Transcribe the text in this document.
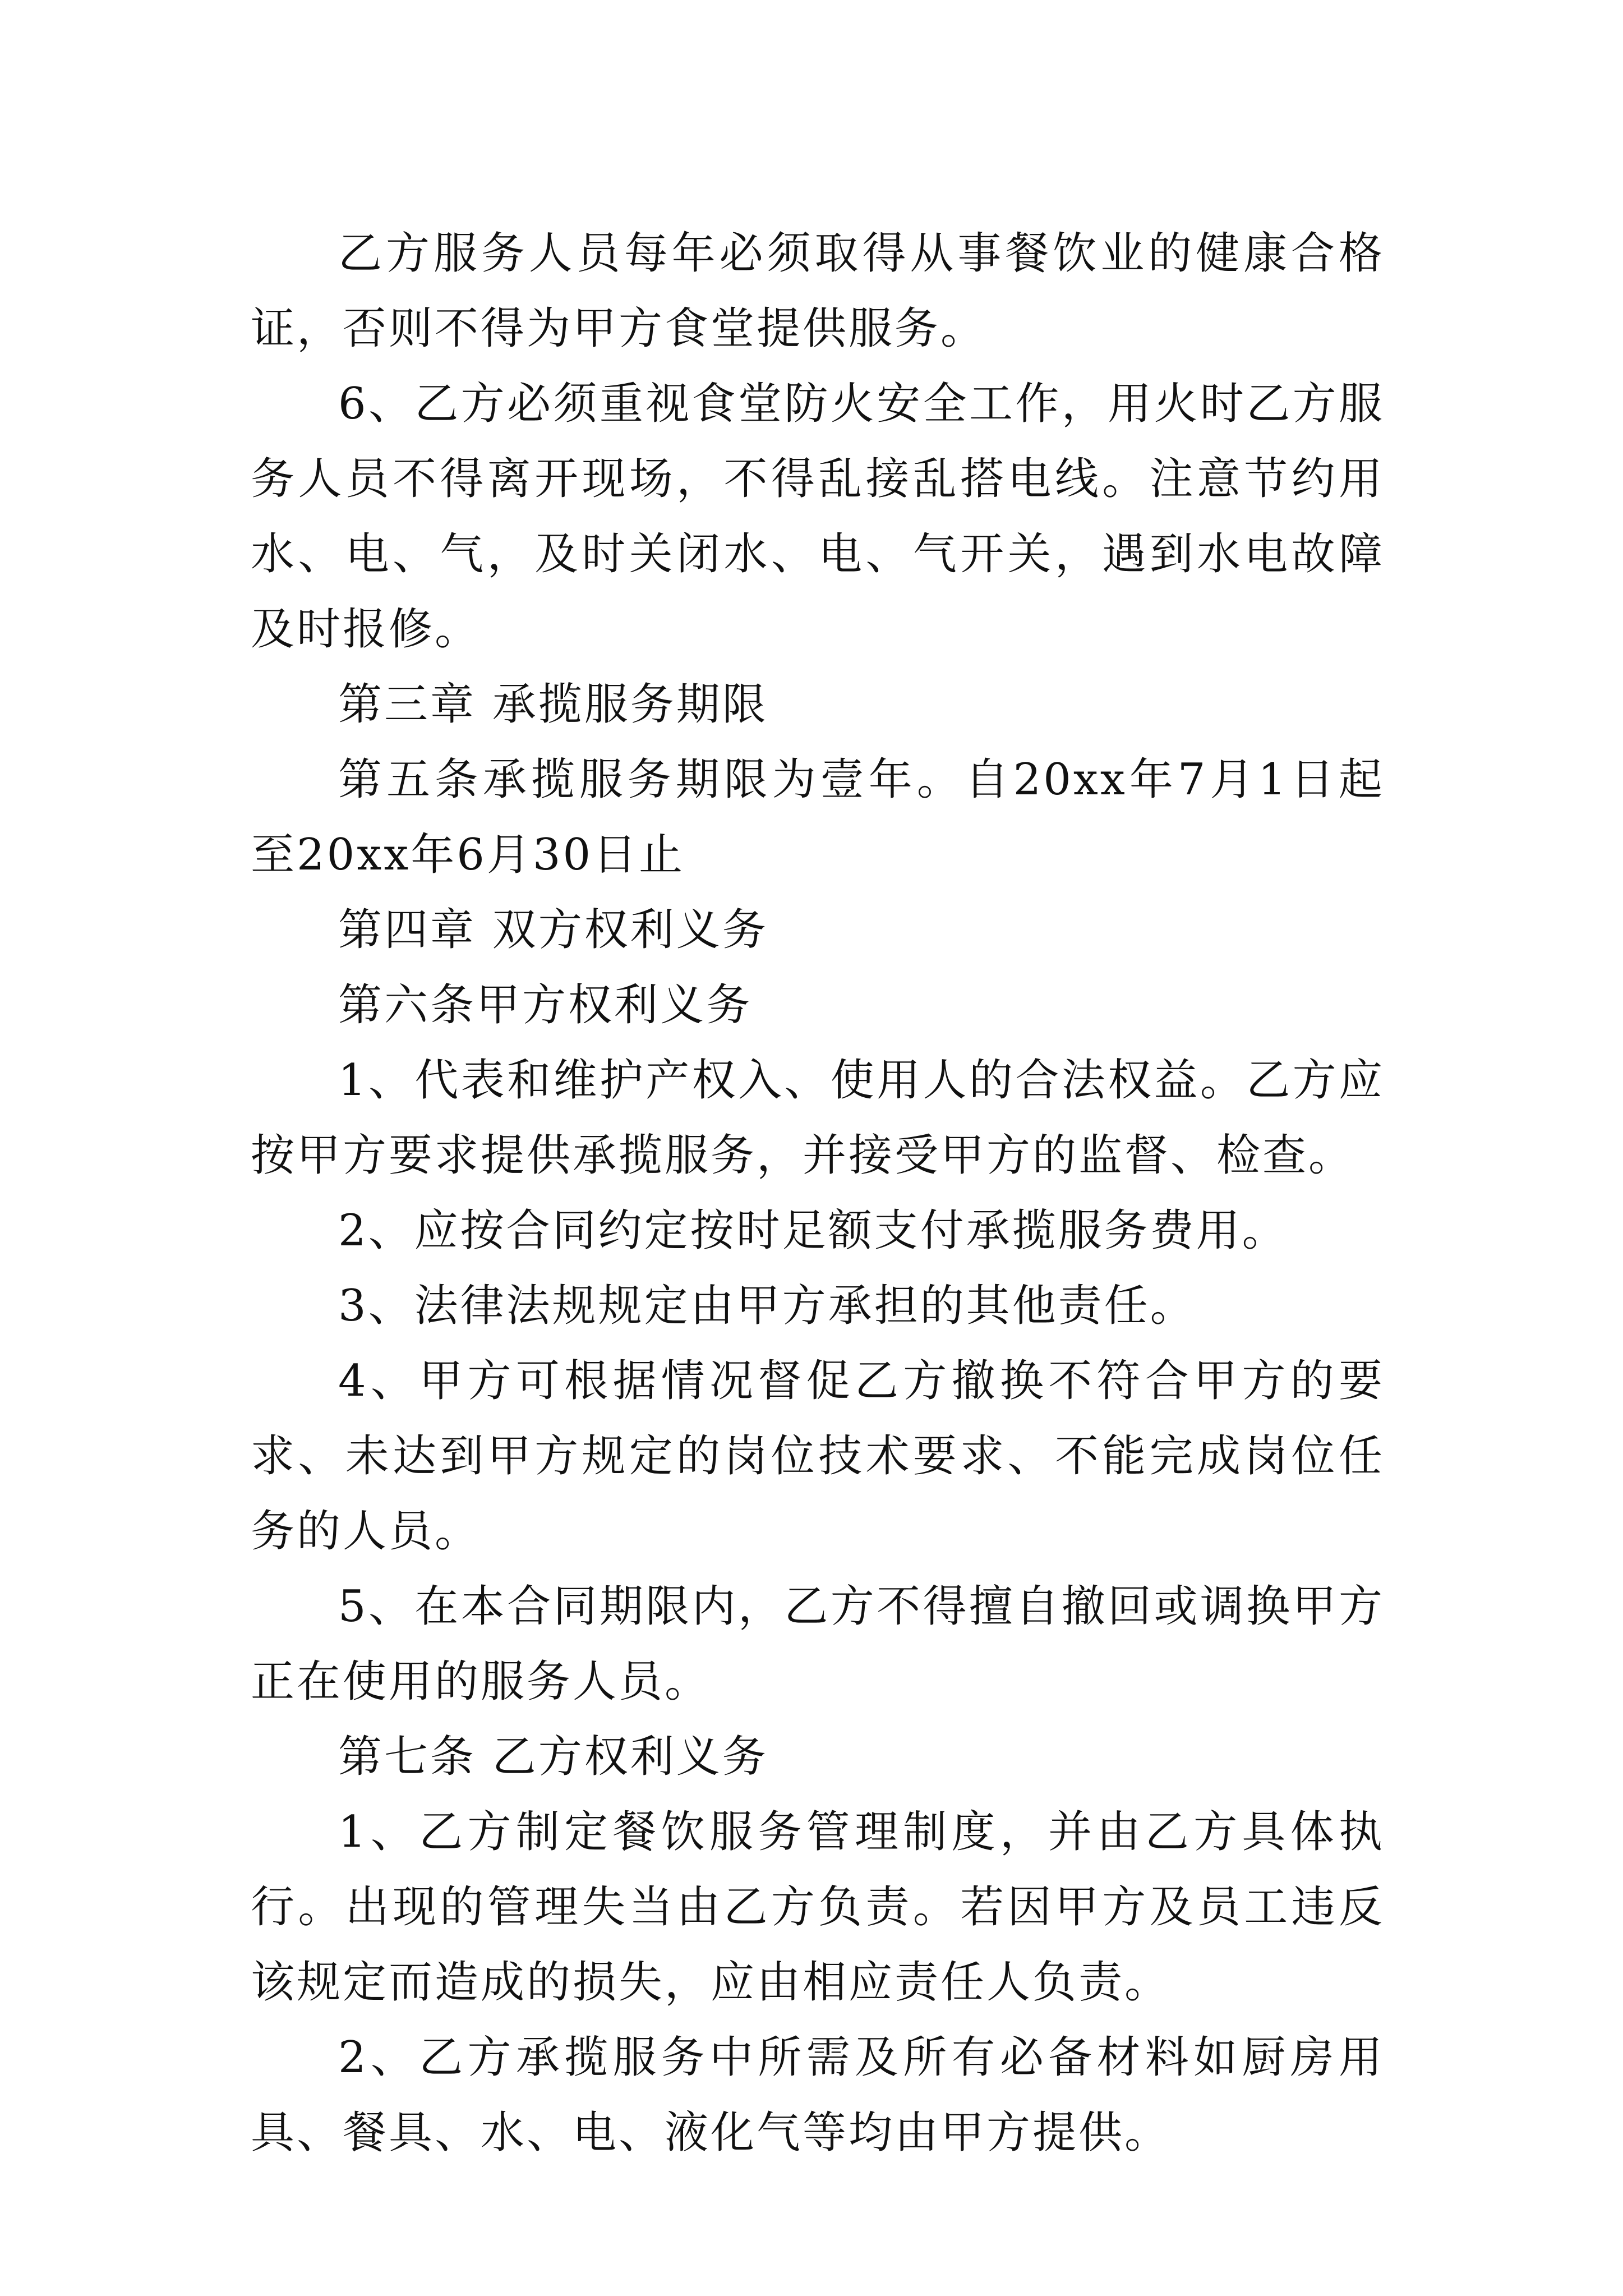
乙方服务人员每年必须取得从事餐饮业的健康合格证，否则不得为甲方食堂提供服务。

6、乙方必须重视食堂防火安全工作，用火时乙方服务人员不得离开现场，不得乱接乱搭电线。注意节约用水、电、气，及时关闭水、电、气开关，遇到水电故障及时报修。

第三章 承揽服务期限

第五条承揽服务期限为壹年。自20xx年7月1日起至20xx年6月30日止

第四章 双方权利义务

第六条甲方权利义务

1、代表和维护产权入、使用人的合法权益。乙方应按甲方要求提供承揽服务，并接受甲方的监督、检查。

2、应按合同约定按时足额支付承揽服务费用。

3、法律法规规定由甲方承担的其他责任。

4、甲方可根据情况督促乙方撤换不符合甲方的要求、未达到甲方规定的岗位技术要求、不能完成岗位任务的人员。

5、在本合同期限内，乙方不得擅自撤回或调换甲方正在使用的服务人员。

第七条 乙方权利义务

1、乙方制定餐饮服务管理制度，并由乙方具体执行。出现的管理失当由乙方负责。若因甲方及员工违反该规定而造成的损失，应由相应责任人负责。

2、乙方承揽服务中所需及所有必备材料如厨房用具、餐具、水、电、液化气等均由甲方提供。
